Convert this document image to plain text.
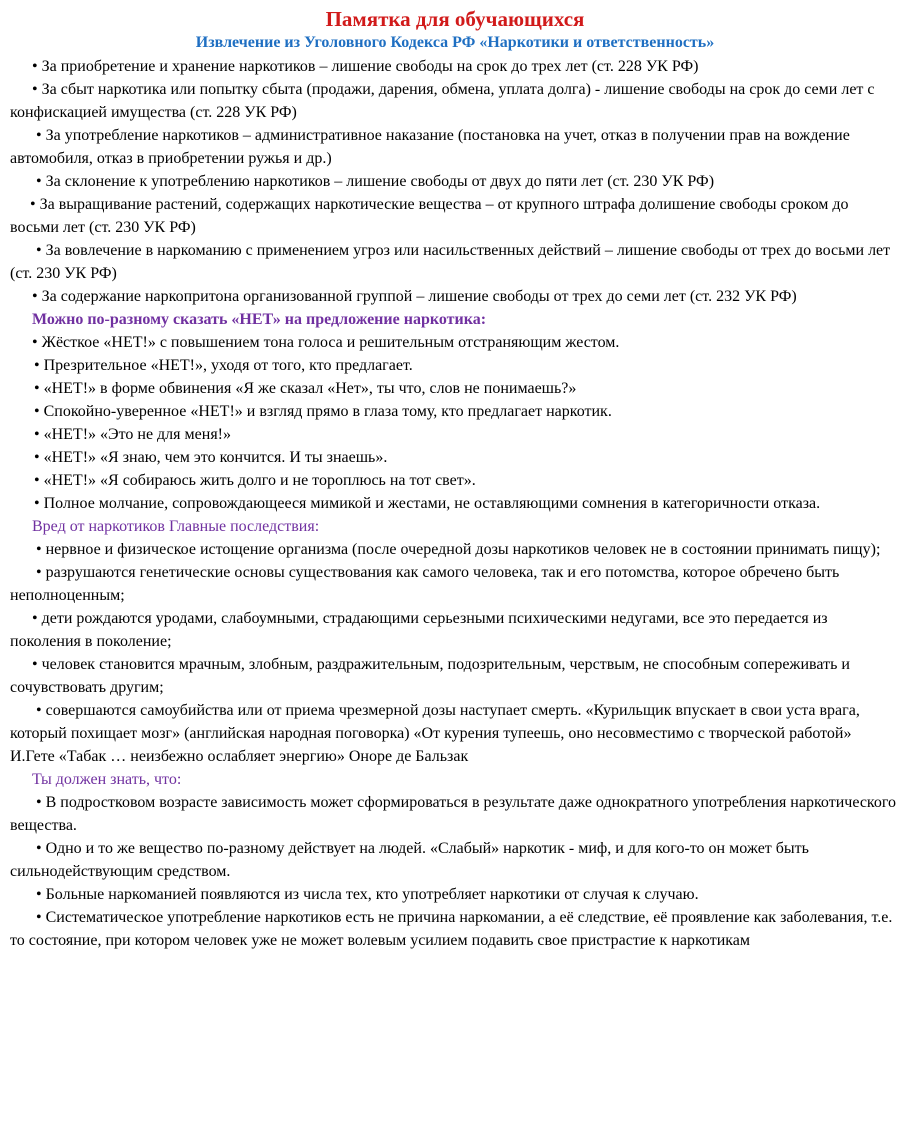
Памятка для обучающихся
Извлечение из Уголовного Кодекса РФ «Наркотики и ответственность»

• За приобретение и хранение наркотиков – лишение свободы на срок до трех лет (ст. 228 УК РФ)

• За сбыт наркотика или попытку сбыта (продажи, дарения, обмена, уплата долга) - лишение свободы на срок до семи лет с конфискацией имущества (ст. 228 УК РФ)

• За употребление наркотиков – административное наказание (постановка на учет, отказ в получении прав на вождение автомобиля, отказ в приобретении ружья и др.)

• За склонение к употреблению наркотиков – лишение свободы от двух до пяти лет (ст. 230 УК РФ)

• За выращивание растений, содержащих наркотические вещества – от крупного штрафа долишение свободы сроком до восьми лет (ст. 230 УК РФ)

• За вовлечение в наркоманию с применением угроз или насильственных действий – лишение свободы от трех до восьми лет (ст. 230 УК РФ)

• За содержание наркопритона организованной группой – лишение свободы от трех до семи лет (ст. 232 УК РФ)

Можно по-разному сказать «НЕТ» на предложение наркотика:

• Жёсткое «НЕТ!» с повышением тона голоса и решительным отстраняющим жестом.

• Презрительное «НЕТ!», уходя от того, кто предлагает.

• «НЕТ!» в форме обвинения «Я же сказал «Нет», ты что, слов не понимаешь?»

• Спокойно-уверенное «НЕТ!» и взгляд прямо в глаза тому, кто предлагает наркотик.

• «НЕТ!» «Это не для меня!»

• «НЕТ!» «Я знаю, чем это кончится. И ты знаешь».

• «НЕТ!» «Я собираюсь жить долго и не тороплюсь на тот свет».

• Полное молчание, сопровождающееся мимикой и жестами, не оставляющими сомнения в категоричности отказа.

Вред от наркотиков Главные последствия:

• нервное и физическое истощение организма (после очередной дозы наркотиков человек не в состоянии принимать пищу);

• разрушаются генетические основы существования как самого человека, так и его потомства, которое обречено быть неполноценным;

• дети рождаются уродами, слабоумными, страдающими серьезными психическими недугами, все это передается из поколения в поколение;

• человек становится мрачным, злобным, раздражительным, подозрительным, черствым, не способным сопереживать и сочувствовать другим;

• совершаются самоубийства или от приема чрезмерной дозы наступает смерть. «Курильщик впускает в свои уста врага, который похищает мозг» (английская народная поговорка) «От курения тупеешь, оно несовместимо с творческой работой» И.Гете «Табак … неизбежно ослабляет энергию» Оноре де Бальзак

Ты должен знать, что:

• В подростковом возрасте зависимость может сформироваться в результате даже однократного употребления наркотического вещества.

• Одно и то же вещество по-разному действует на людей. «Слабый» наркотик - миф, и для кого-то он может быть сильнодействующим средством.

• Больные наркоманией появляются из числа тех, кто употребляет наркотики от случая к случаю.

• Систематическое употребление наркотиков есть не причина наркомании, а её следствие, её проявление как заболевания, т.е. то состояние, при котором человек уже не может волевым усилием подавить свое пристрастие к наркотикам
